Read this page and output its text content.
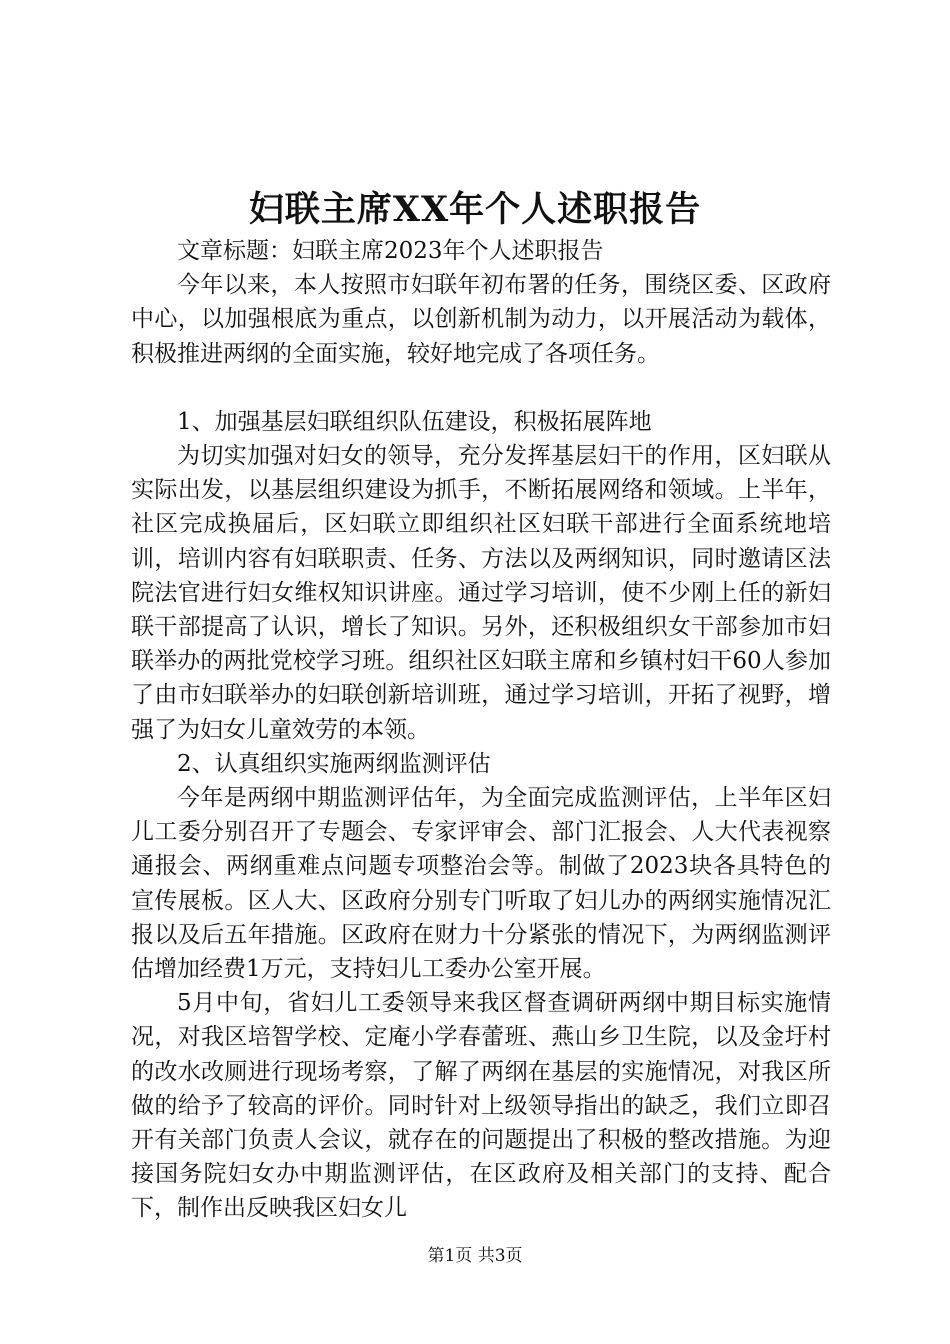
妇联主席XX年个人述职报告

文章标题：妇联主席2023年个人述职报告

今年以来，本人按照市妇联年初布署的任务，围绕区委、区政府中心，以加强根底为重点，以创新机制为动力，以开展活动为载体，积极推进两纲的全面实施，较好地完成了各项任务。

1、加强基层妇联组织队伍建设，积极拓展阵地

为切实加强对妇女的领导，充分发挥基层妇干的作用，区妇联从实际出发，以基层组织建设为抓手，不断拓展网络和领域。上半年，社区完成换届后，区妇联立即组织社区妇联干部进行全面系统地培训，培训内容有妇联职责、任务、方法以及两纲知识，同时邀请区法院法官进行妇女维权知识讲座。通过学习培训，使不少刚上任的新妇联干部提高了认识，增长了知识。另外，还积极组织女干部参加市妇联举办的两批党校学习班。组织社区妇联主席和乡镇村妇干60人参加了由市妇联举办的妇联创新培训班，通过学习培训，开拓了视野，增强了为妇女儿童效劳的本领。

2、认真组织实施两纲监测评估

今年是两纲中期监测评估年，为全面完成监测评估，上半年区妇儿工委分别召开了专题会、专家评审会、部门汇报会、人大代表视察通报会、两纲重难点问题专项整治会等。制做了2023块各具特色的宣传展板。区人大、区政府分别专门听取了妇儿办的两纲实施情况汇报以及后五年措施。区政府在财力十分紧张的情况下，为两纲监测评估增加经费1万元，支持妇儿工委办公室开展。

5月中旬，省妇儿工委领导来我区督查调研两纲中期目标实施情况，对我区培智学校、定庵小学春蕾班、燕山乡卫生院，以及金圩村的改水改厕进行现场考察，了解了两纲在基层的实施情况，对我区所做的给予了较高的评价。同时针对上级领导指出的缺乏，我们立即召开有关部门负责人会议，就存在的问题提出了积极的整改措施。为迎接国务院妇女办中期监测评估，在区政府及相关部门的支持、配合下，制作出反映我区妇女儿

第1页 共3页
